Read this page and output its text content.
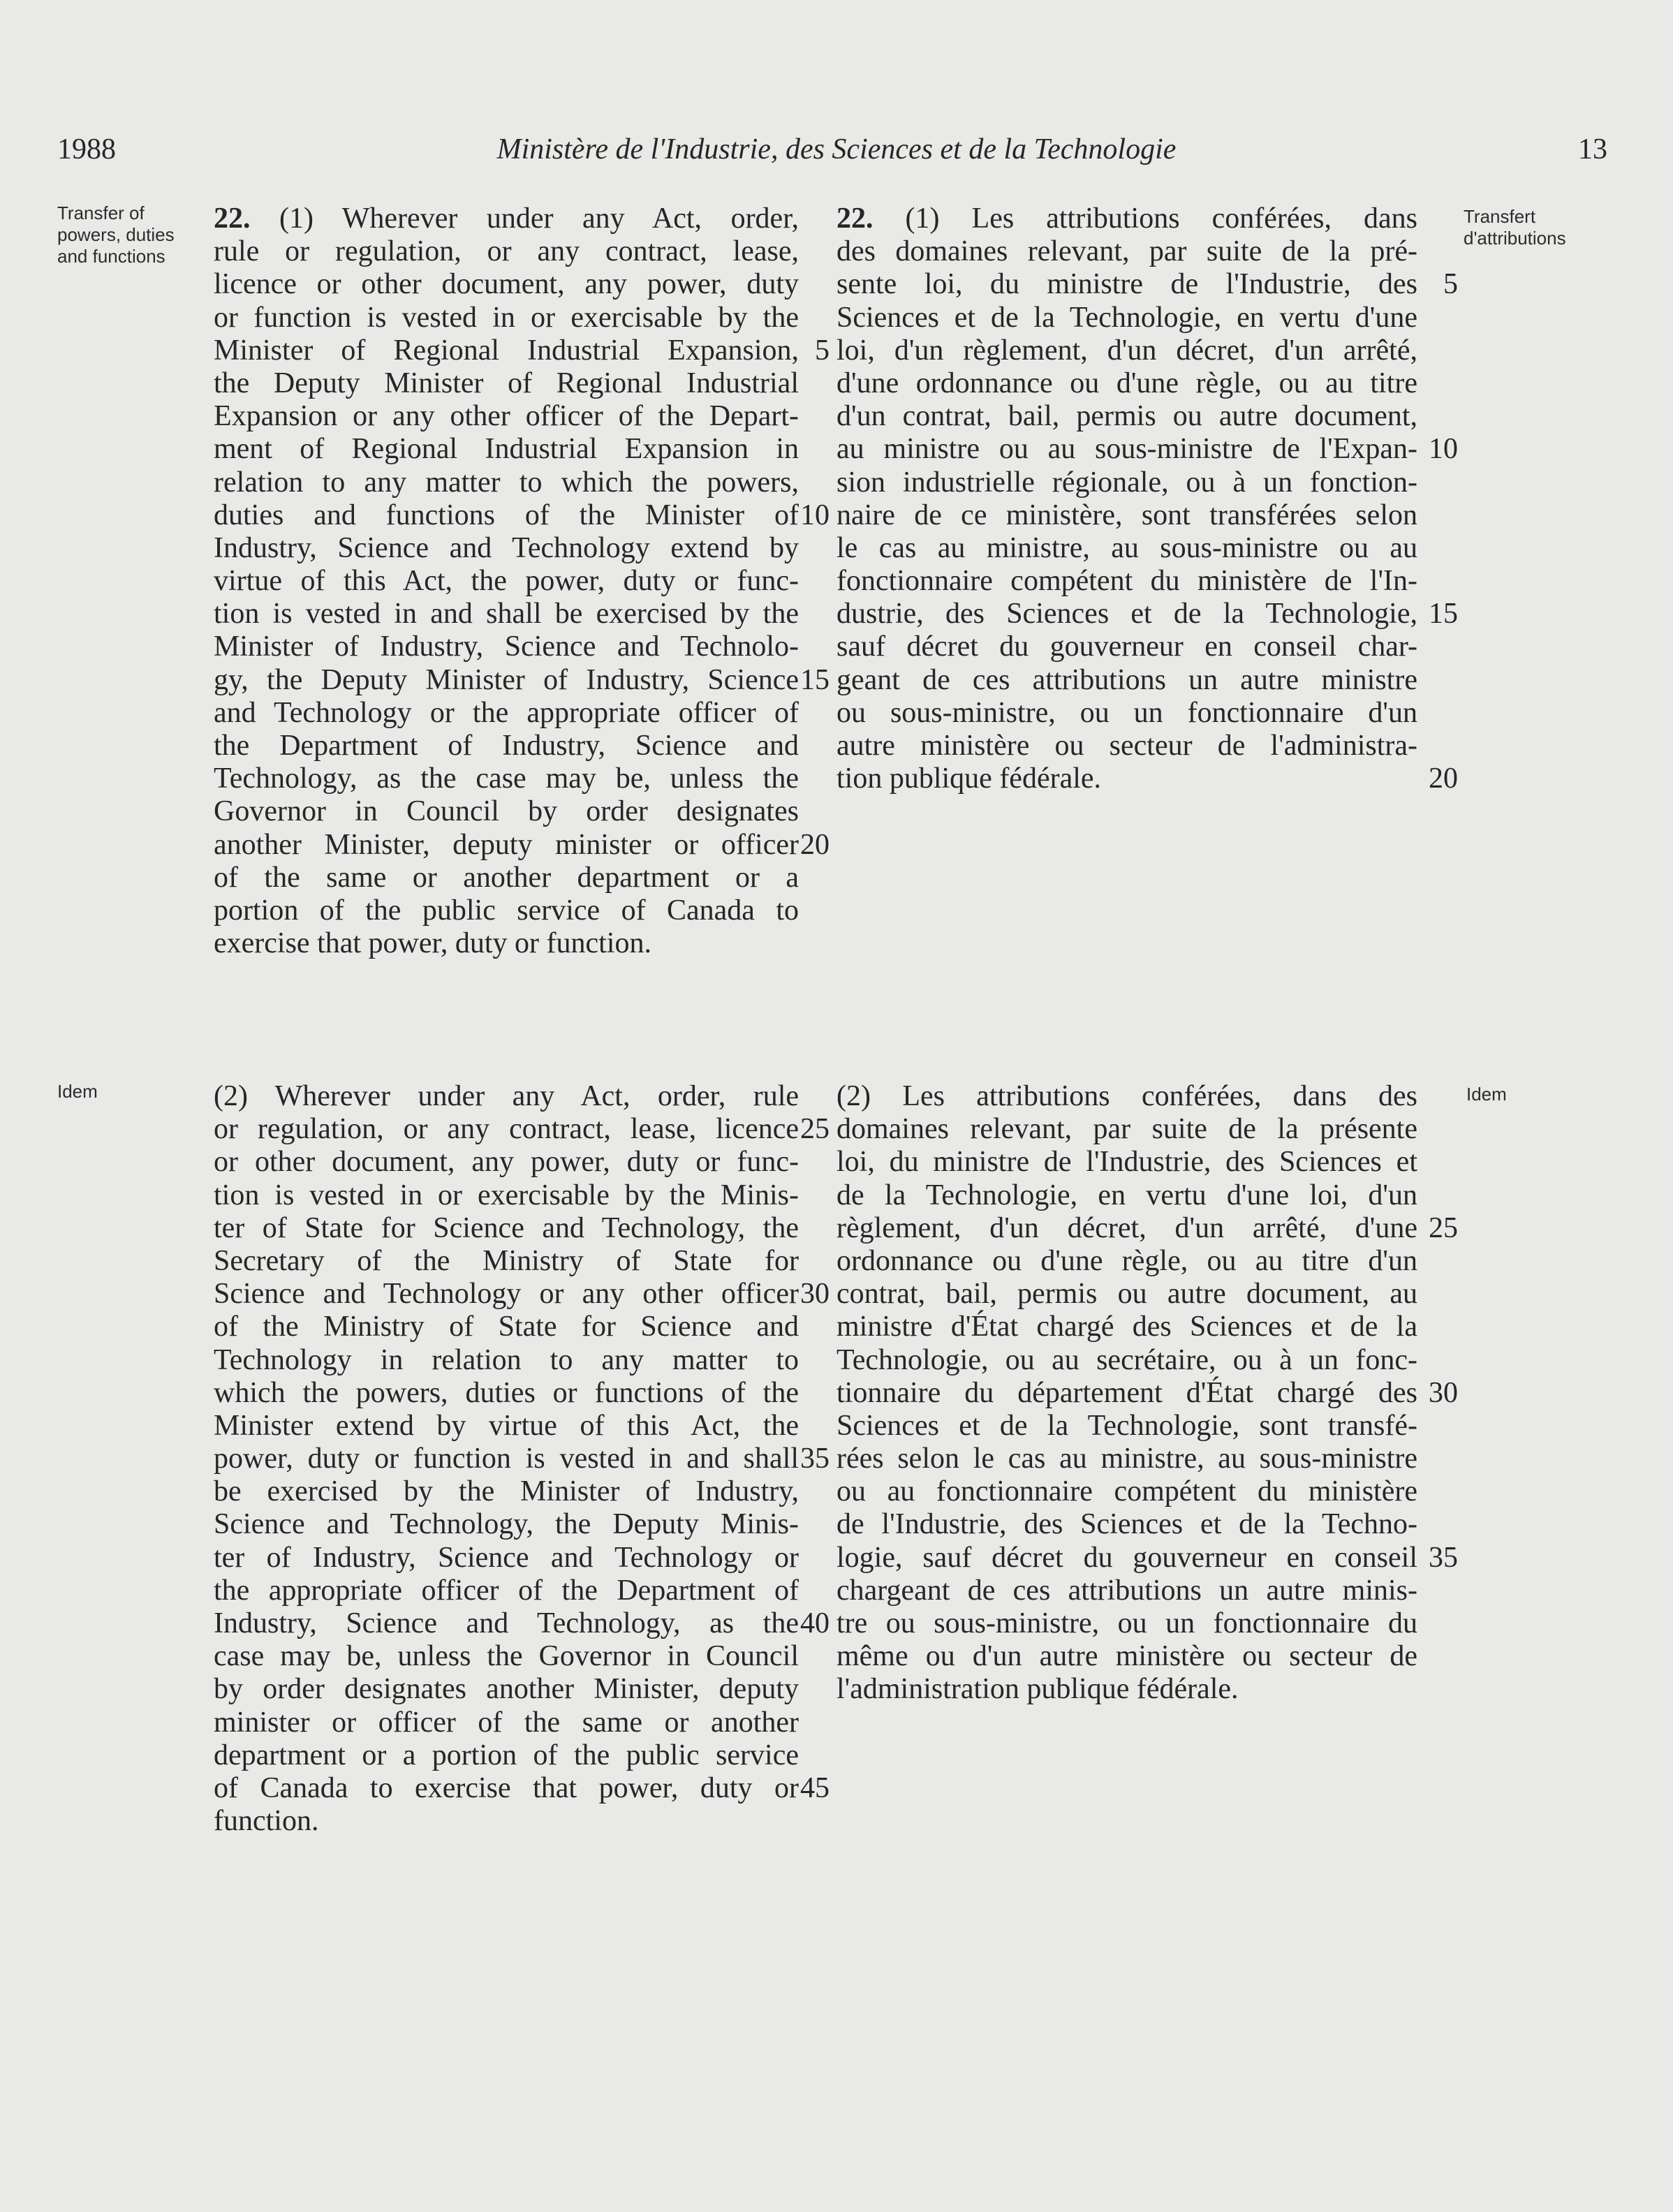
1988	Ministère de l'Industrie, des Sciences et de la Technologie	13
Transfer of
powers, duties
and functions
Transfert
d'attributions
22. (1) Wherever under any Act, order,
rule or regulation, or any contract, lease,
licence or other document, any power, duty
or function is vested in or exercisable by the
Minister of Regional Industrial Expansion,
the Deputy Minister of Regional Industrial
Expansion or any other officer of the Depart-
ment of Regional Industrial Expansion in
relation to any matter to which the powers,
duties and functions of the Minister of
Industry, Science and Technology extend by
virtue of this Act, the power, duty or func-
tion is vested in and shall be exercised by the
Minister of Industry, Science and Technolo-
gy, the Deputy Minister of Industry, Science
and Technology or the appropriate officer of
the Department of Industry, Science and
Technology, as the case may be, unless the
Governor in Council by order designates
another Minister, deputy minister or officer
of the same or another department or a
portion of the public service of Canada to
exercise that power, duty or function.
5
10
15
20
22. (1) Les attributions conférées, dans
des domaines relevant, par suite de la pré-
sente loi, du ministre de l'Industrie, des
Sciences et de la Technologie, en vertu d'une
loi, d'un règlement, d'un décret, d'un arrêté,
d'une ordonnance ou d'une règle, ou au titre
d'un contrat, bail, permis ou autre document,
au ministre ou au sous-ministre de l'Expan-
sion industrielle régionale, ou à un fonction-
naire de ce ministère, sont transférées selon
le cas au ministre, au sous-ministre ou au
fonctionnaire compétent du ministère de l'In-
dustrie, des Sciences et de la Technologie,
sauf décret du gouverneur en conseil char-
geant de ces attributions un autre ministre
ou sous-ministre, ou un fonctionnaire d'un
autre ministère ou secteur de l'administra-
tion publique fédérale.
5
10
15
20
Idem	Idem
(2) Wherever under any Act, order, rule
or regulation, or any contract, lease, licence
or other document, any power, duty or func-
tion is vested in or exercisable by the Minis-
ter of State for Science and Technology, the
Secretary of the Ministry of State for
Science and Technology or any other officer
of the Ministry of State for Science and
Technology in relation to any matter to
which the powers, duties or functions of the
Minister extend by virtue of this Act, the
power, duty or function is vested in and shall
be exercised by the Minister of Industry,
Science and Technology, the Deputy Minis-
ter of Industry, Science and Technology or
the appropriate officer of the Department of
Industry, Science and Technology, as the
case may be, unless the Governor in Council
by order designates another Minister, deputy
minister or officer of the same or another
department or a portion of the public service
of Canada to exercise that power, duty or
function.
25
30
35
40
45
(2) Les attributions conférées, dans des
domaines relevant, par suite de la présente
loi, du ministre de l'Industrie, des Sciences et
de la Technologie, en vertu d'une loi, d'un
règlement, d'un décret, d'un arrêté, d'une
ordonnance ou d'une règle, ou au titre d'un
contrat, bail, permis ou autre document, au
ministre d'État chargé des Sciences et de la
Technologie, ou au secrétaire, ou à un fonc-
tionnaire du département d'État chargé des
Sciences et de la Technologie, sont transfé-
rées selon le cas au ministre, au sous-ministre
ou au fonctionnaire compétent du ministère
de l'Industrie, des Sciences et de la Techno-
logie, sauf décret du gouverneur en conseil
chargeant de ces attributions un autre minis-
tre ou sous-ministre, ou un fonctionnaire du
même ou d'un autre ministère ou secteur de
l'administration publique fédérale.
25
30
35
